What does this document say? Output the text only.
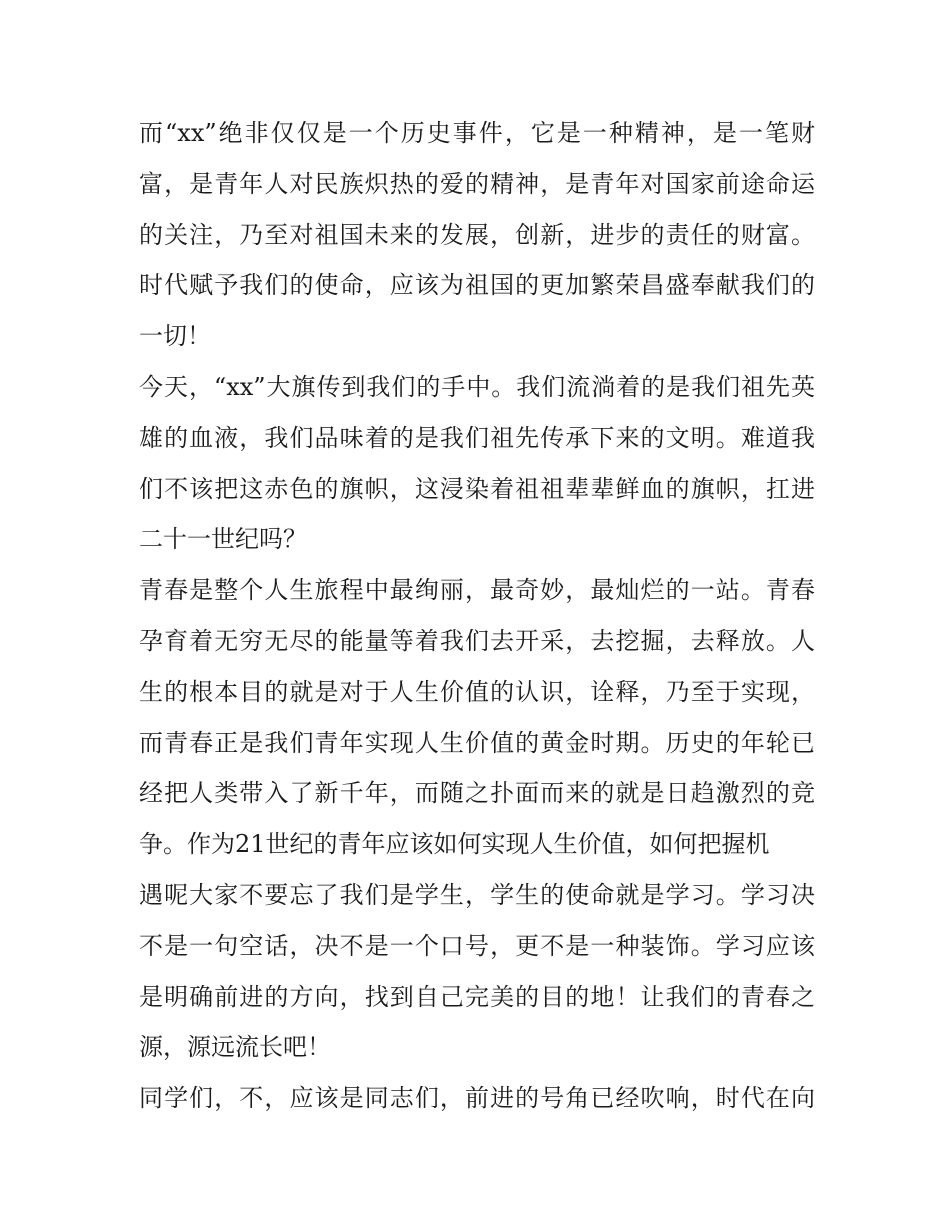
而“xx”绝非仅仅是一个历史事件，它是一种精神，是一笔财
富，是青年人对民族炽热的爱的精神，是青年对国家前途命运
的关注，乃至对祖国未来的发展，创新，进步的责任的财富。
时代赋予我们的使命，应该为祖国的更加繁荣昌盛奉献我们的
一切！
今天，“xx”大旗传到我们的手中。我们流淌着的是我们祖先英
雄的血液，我们品味着的是我们祖先传承下来的文明。难道我
们不该把这赤色的旗帜，这浸染着祖祖辈辈鲜血的旗帜，扛进
二十一世纪吗？
青春是整个人生旅程中最绚丽，最奇妙，最灿烂的一站。青春
孕育着无穷无尽的能量等着我们去开采，去挖掘，去释放。人
生的根本目的就是对于人生价值的认识，诠释，乃至于实现，
而青春正是我们青年实现人生价值的黄金时期。历史的年轮已
经把人类带入了新千年，而随之扑面而来的就是日趋激烈的竞
争。作为21世纪的青年应该如何实现人生价值，如何把握机
遇呢大家不要忘了我们是学生，学生的使命就是学习。学习决
不是一句空话，决不是一个口号，更不是一种装饰。学习应该
是明确前进的方向，找到自己完美的目的地！让我们的青春之
源，源远流长吧！
同学们，不，应该是同志们，前进的号角已经吹响，时代在向
